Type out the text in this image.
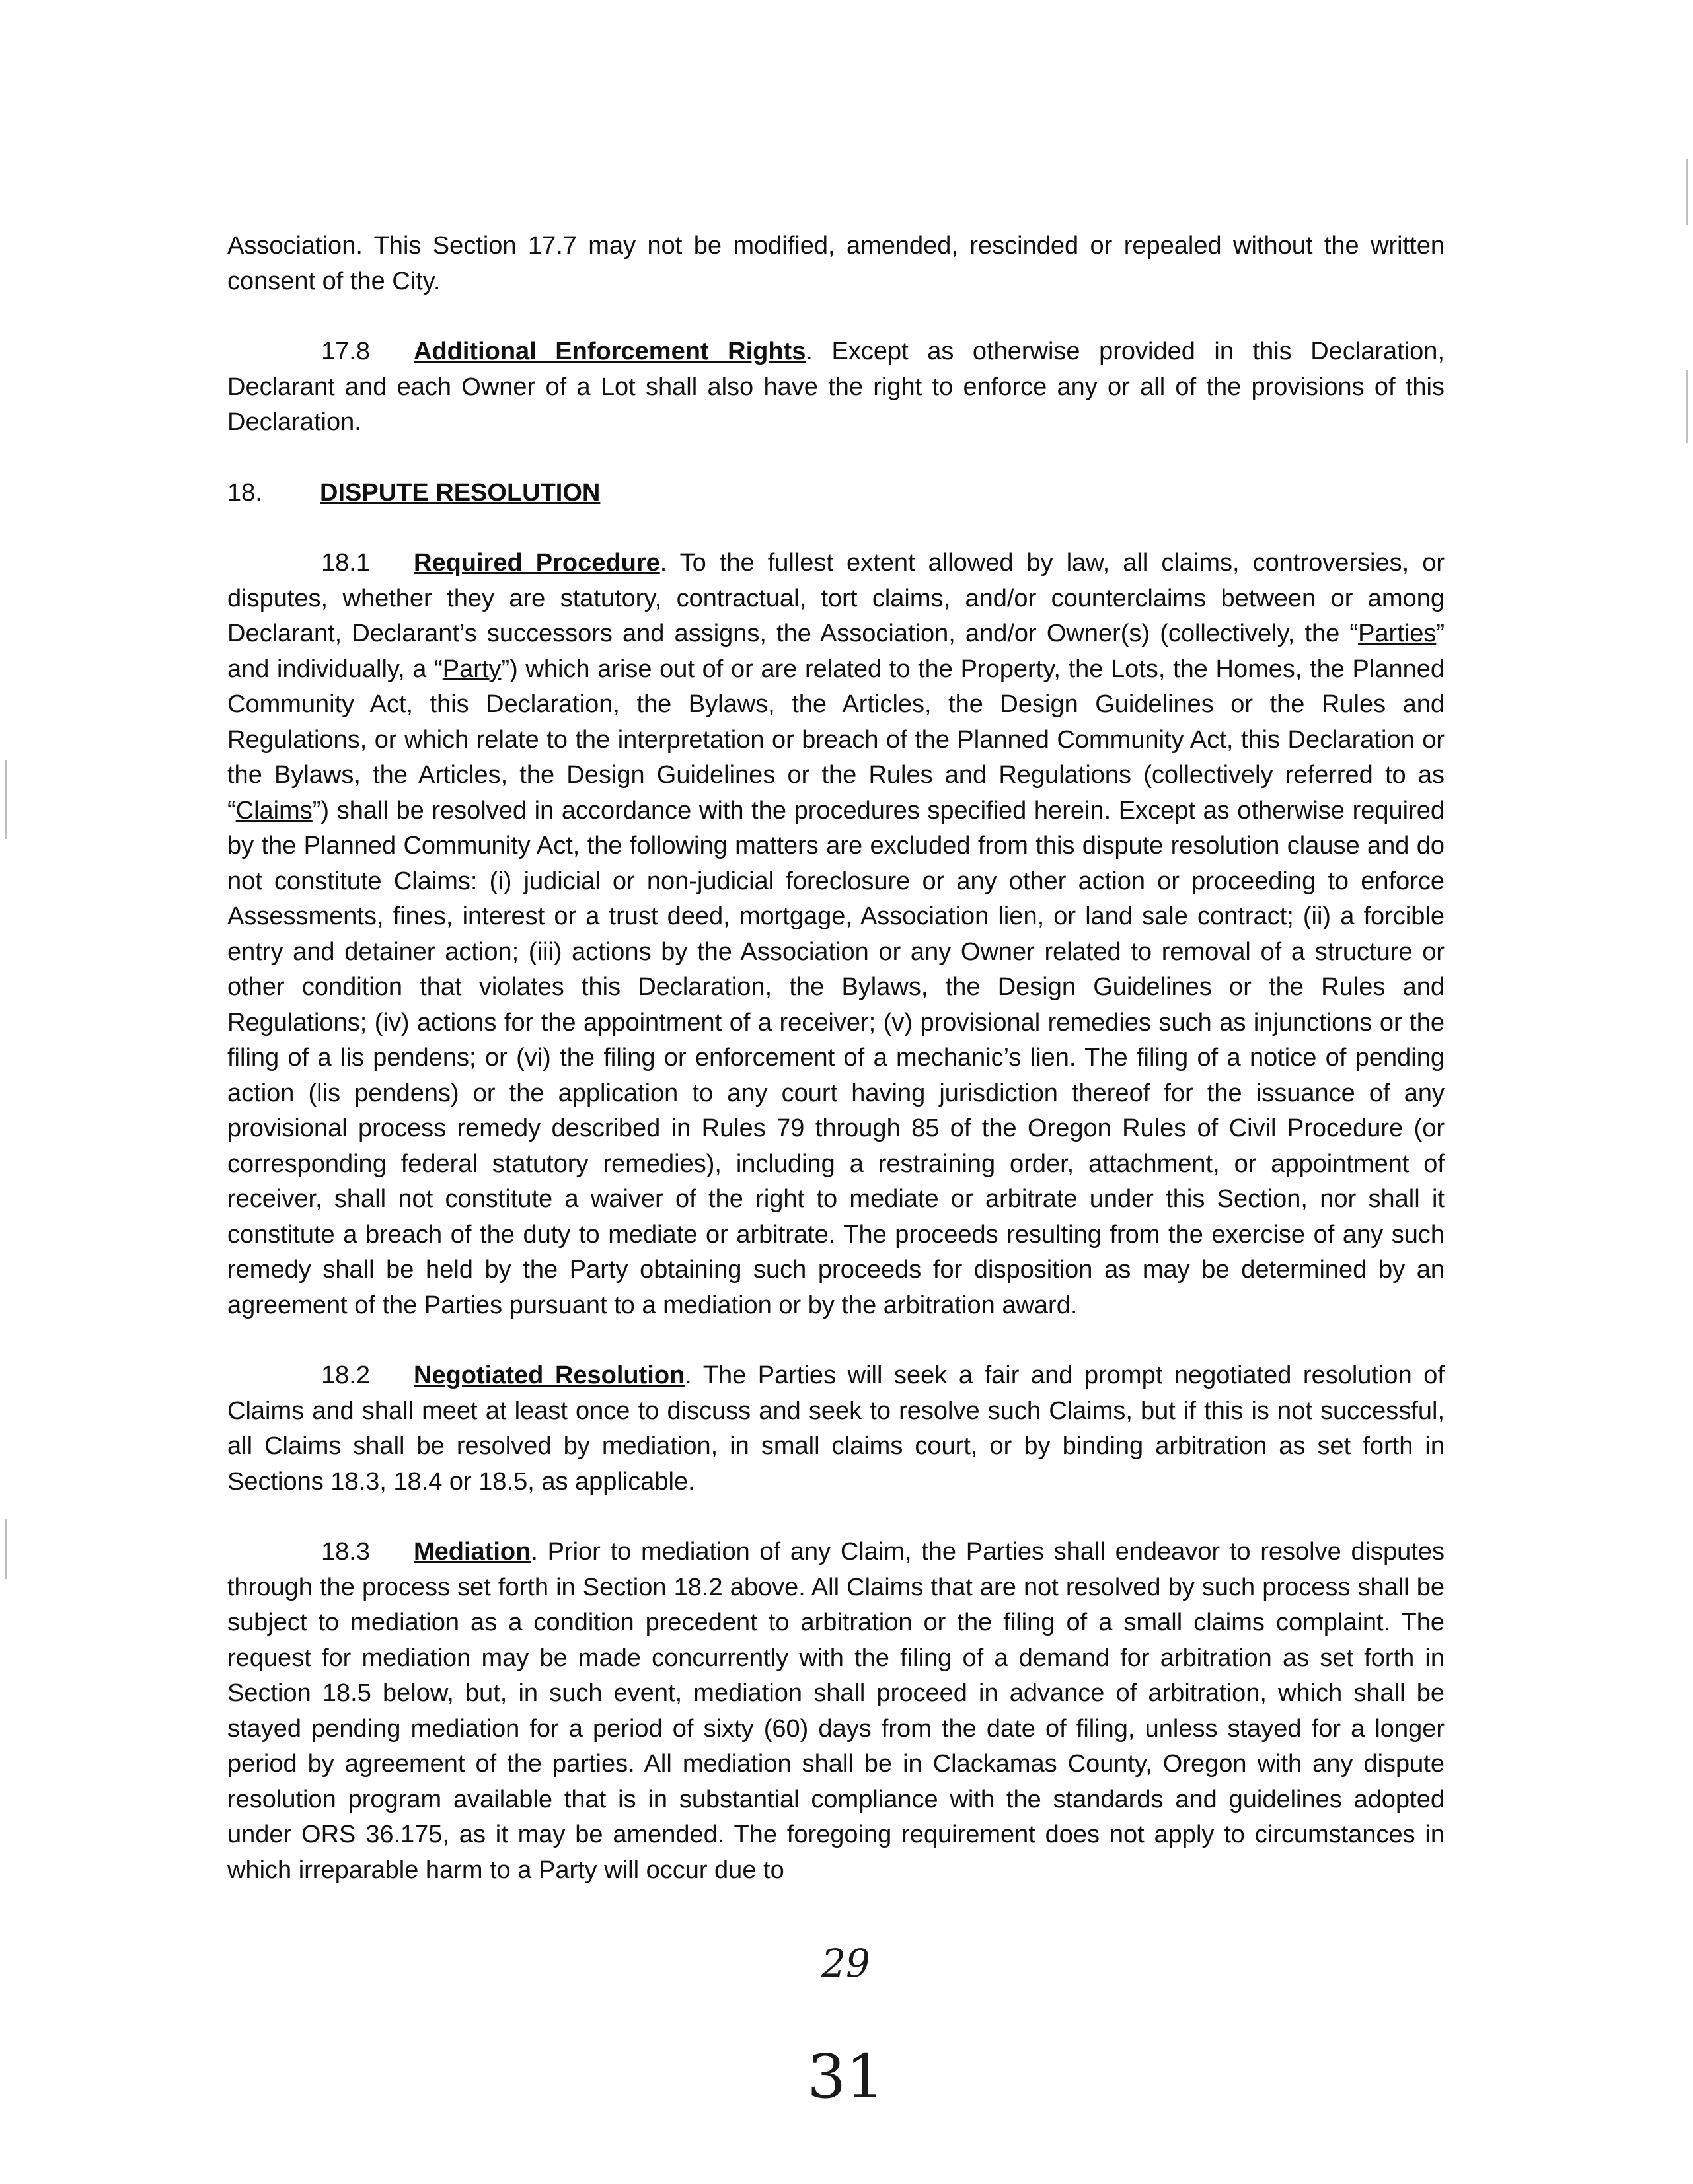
Association. This Section 17.7 may not be modified, amended, rescinded or repealed without the written consent of the City.

17.8 Additional Enforcement Rights. Except as otherwise provided in this Declaration, Declarant and each Owner of a Lot shall also have the right to enforce any or all of the provisions of this Declaration.

18. DISPUTE RESOLUTION

18.1 Required Procedure. To the fullest extent allowed by law, all claims, controversies, or disputes, whether they are statutory, contractual, tort claims, and/or counterclaims between or among Declarant, Declarant’s successors and assigns, the Association, and/or Owner(s) (collectively, the “Parties” and individually, a “Party”) which arise out of or are related to the Property, the Lots, the Homes, the Planned Community Act, this Declaration, the Bylaws, the Articles, the Design Guidelines or the Rules and Regulations, or which relate to the interpretation or breach of the Planned Community Act, this Declaration or the Bylaws, the Articles, the Design Guidelines or the Rules and Regulations (collectively referred to as “Claims”) shall be resolved in accordance with the procedures specified herein. Except as otherwise required by the Planned Community Act, the following matters are excluded from this dispute resolution clause and do not constitute Claims: (i) judicial or non-judicial foreclosure or any other action or proceeding to enforce Assessments, fines, interest or a trust deed, mortgage, Association lien, or land sale contract; (ii) a forcible entry and detainer action; (iii) actions by the Association or any Owner related to removal of a structure or other condition that violates this Declaration, the Bylaws, the Design Guidelines or the Rules and Regulations; (iv) actions for the appointment of a receiver; (v) provisional remedies such as injunctions or the filing of a lis pendens; or (vi) the filing or enforcement of a mechanic’s lien. The filing of a notice of pending action (lis pendens) or the application to any court having jurisdiction thereof for the issuance of any provisional process remedy described in Rules 79 through 85 of the Oregon Rules of Civil Procedure (or corresponding federal statutory remedies), including a restraining order, attachment, or appointment of receiver, shall not constitute a waiver of the right to mediate or arbitrate under this Section, nor shall it constitute a breach of the duty to mediate or arbitrate. The proceeds resulting from the exercise of any such remedy shall be held by the Party obtaining such proceeds for disposition as may be determined by an agreement of the Parties pursuant to a mediation or by the arbitration award.

18.2 Negotiated Resolution. The Parties will seek a fair and prompt negotiated resolution of Claims and shall meet at least once to discuss and seek to resolve such Claims, but if this is not successful, all Claims shall be resolved by mediation, in small claims court, or by binding arbitration as set forth in Sections 18.3, 18.4 or 18.5, as applicable.

18.3 Mediation. Prior to mediation of any Claim, the Parties shall endeavor to resolve disputes through the process set forth in Section 18.2 above. All Claims that are not resolved by such process shall be subject to mediation as a condition precedent to arbitration or the filing of a small claims complaint. The request for mediation may be made concurrently with the filing of a demand for arbitration as set forth in Section 18.5 below, but, in such event, mediation shall proceed in advance of arbitration, which shall be stayed pending mediation for a period of sixty (60) days from the date of filing, unless stayed for a longer period by agreement of the parties. All mediation shall be in Clackamas County, Oregon with any dispute resolution program available that is in substantial compliance with the standards and guidelines adopted under ORS 36.175, as it may be amended. The foregoing requirement does not apply to circumstances in which irreparable harm to a Party will occur due to

29
31
